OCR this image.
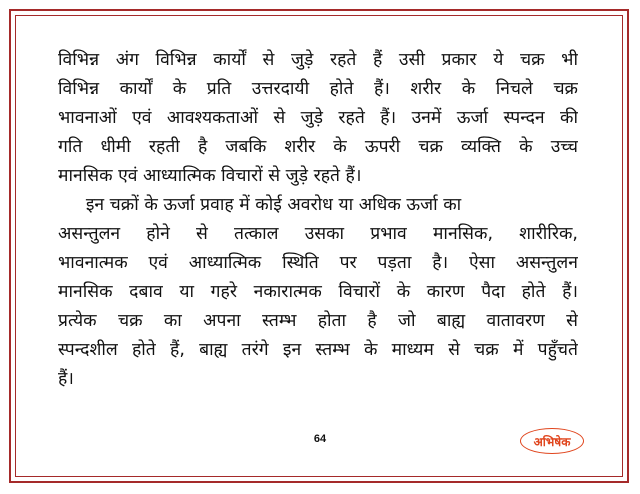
विभिन्न अंग विभिन्न कार्यों से जुड़े रहते हैं उसी प्रकार ये चक्र भी
विभिन्न कार्यों के प्रति उत्तरदायी होते हैं। शरीर के निचले चक्र
भावनाओं एवं आवश्यकताओं से जुड़े रहते हैं। उनमें ऊर्जा स्पन्दन की
गति धीमी रहती है जबकि शरीर के ऊपरी चक्र व्यक्ति के उच्च
मानसिक एवं आध्यात्मिक विचारों से जुड़े रहते हैं।

इन चक्रों के ऊर्जा प्रवाह में कोई अवरोध या अधिक ऊर्जा का
असन्तुलन होने से तत्काल उसका प्रभाव मानसिक, शारीरिक,
भावनात्मक एवं आध्यात्मिक स्थिति पर पड़ता है। ऐसा असन्तुलन
मानसिक दबाव या गहरे नकारात्मक विचारों के कारण पैदा होते हैं।
प्रत्येक चक्र का अपना स्तम्भ होता है जो बाह्य वातावरण से
स्पन्दशील होते हैं, बाह्य तरंगे इन स्तम्भ के माध्यम से चक्र में पहुँचते
हैं।

64	अभिषेक
